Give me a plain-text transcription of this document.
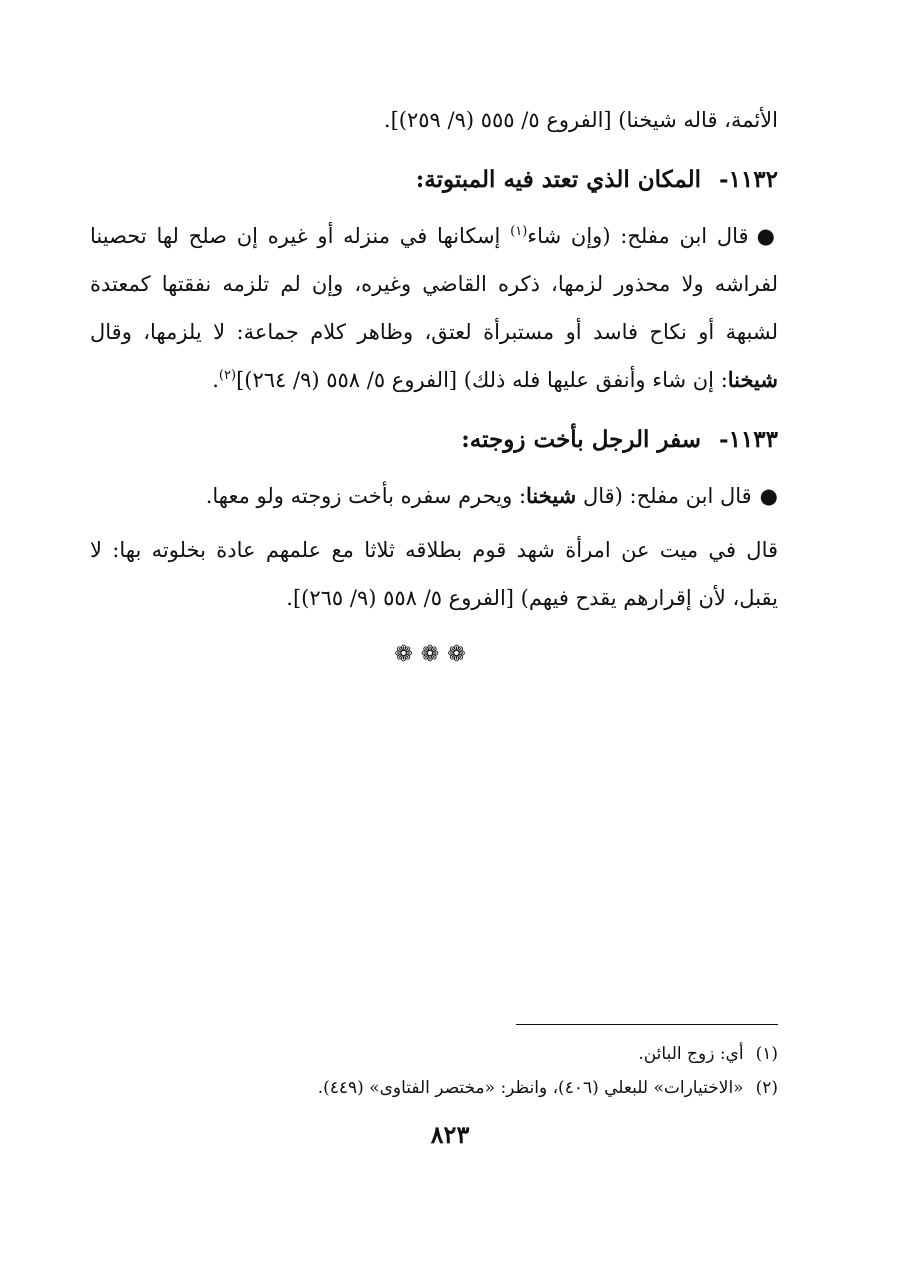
الأئمة، قاله شيخنا) [الفروع ٥/ ٥٥٥ (٩/ ٢٥٩)].

١١٣٢-المكان الذي تعتد فيه المبتوتة:

●قال ابن مفلح: (وإن شاء$^{(١)}$ إسكانها في منزله أو غيره إن صلح لها تحصينا لفراشه ولا محذور لزمها، ذكره القاضي وغيره، وإن لم تلزمه نفقتها كمعتدة لشبهة أو نكاح فاسد أو مستبرأة لعتق، وظاهر كلام جماعة: لا يلزمها، وقال شيخنا: إن شاء وأنفق عليها فله ذلك) [الفروع ٥/ ٥٥٨ (٩/ ٢٦٤)]$^{(٢)}$.

١١٣٣-سفر الرجل بأخت زوجته:

●قال ابن مفلح: (قال شيخنا: ويحرم سفره بأخت زوجته ولو معها.

قال في ميت عن امرأة شهد قوم بطلاقه ثلاثا مع علمهم عادة بخلوته بها: لا يقبل، لأن إقرارهم يقدح فيهم) [الفروع ٥/ ٥٥٨ (٩/ ٢٦٥)].

❁❁❁

(١)أي: زوج البائن.

(٢)«الاختيارات» للبعلي (٤٠٦)، وانظر: «مختصر الفتاوى» (٤٤٩).

٨٢٣
